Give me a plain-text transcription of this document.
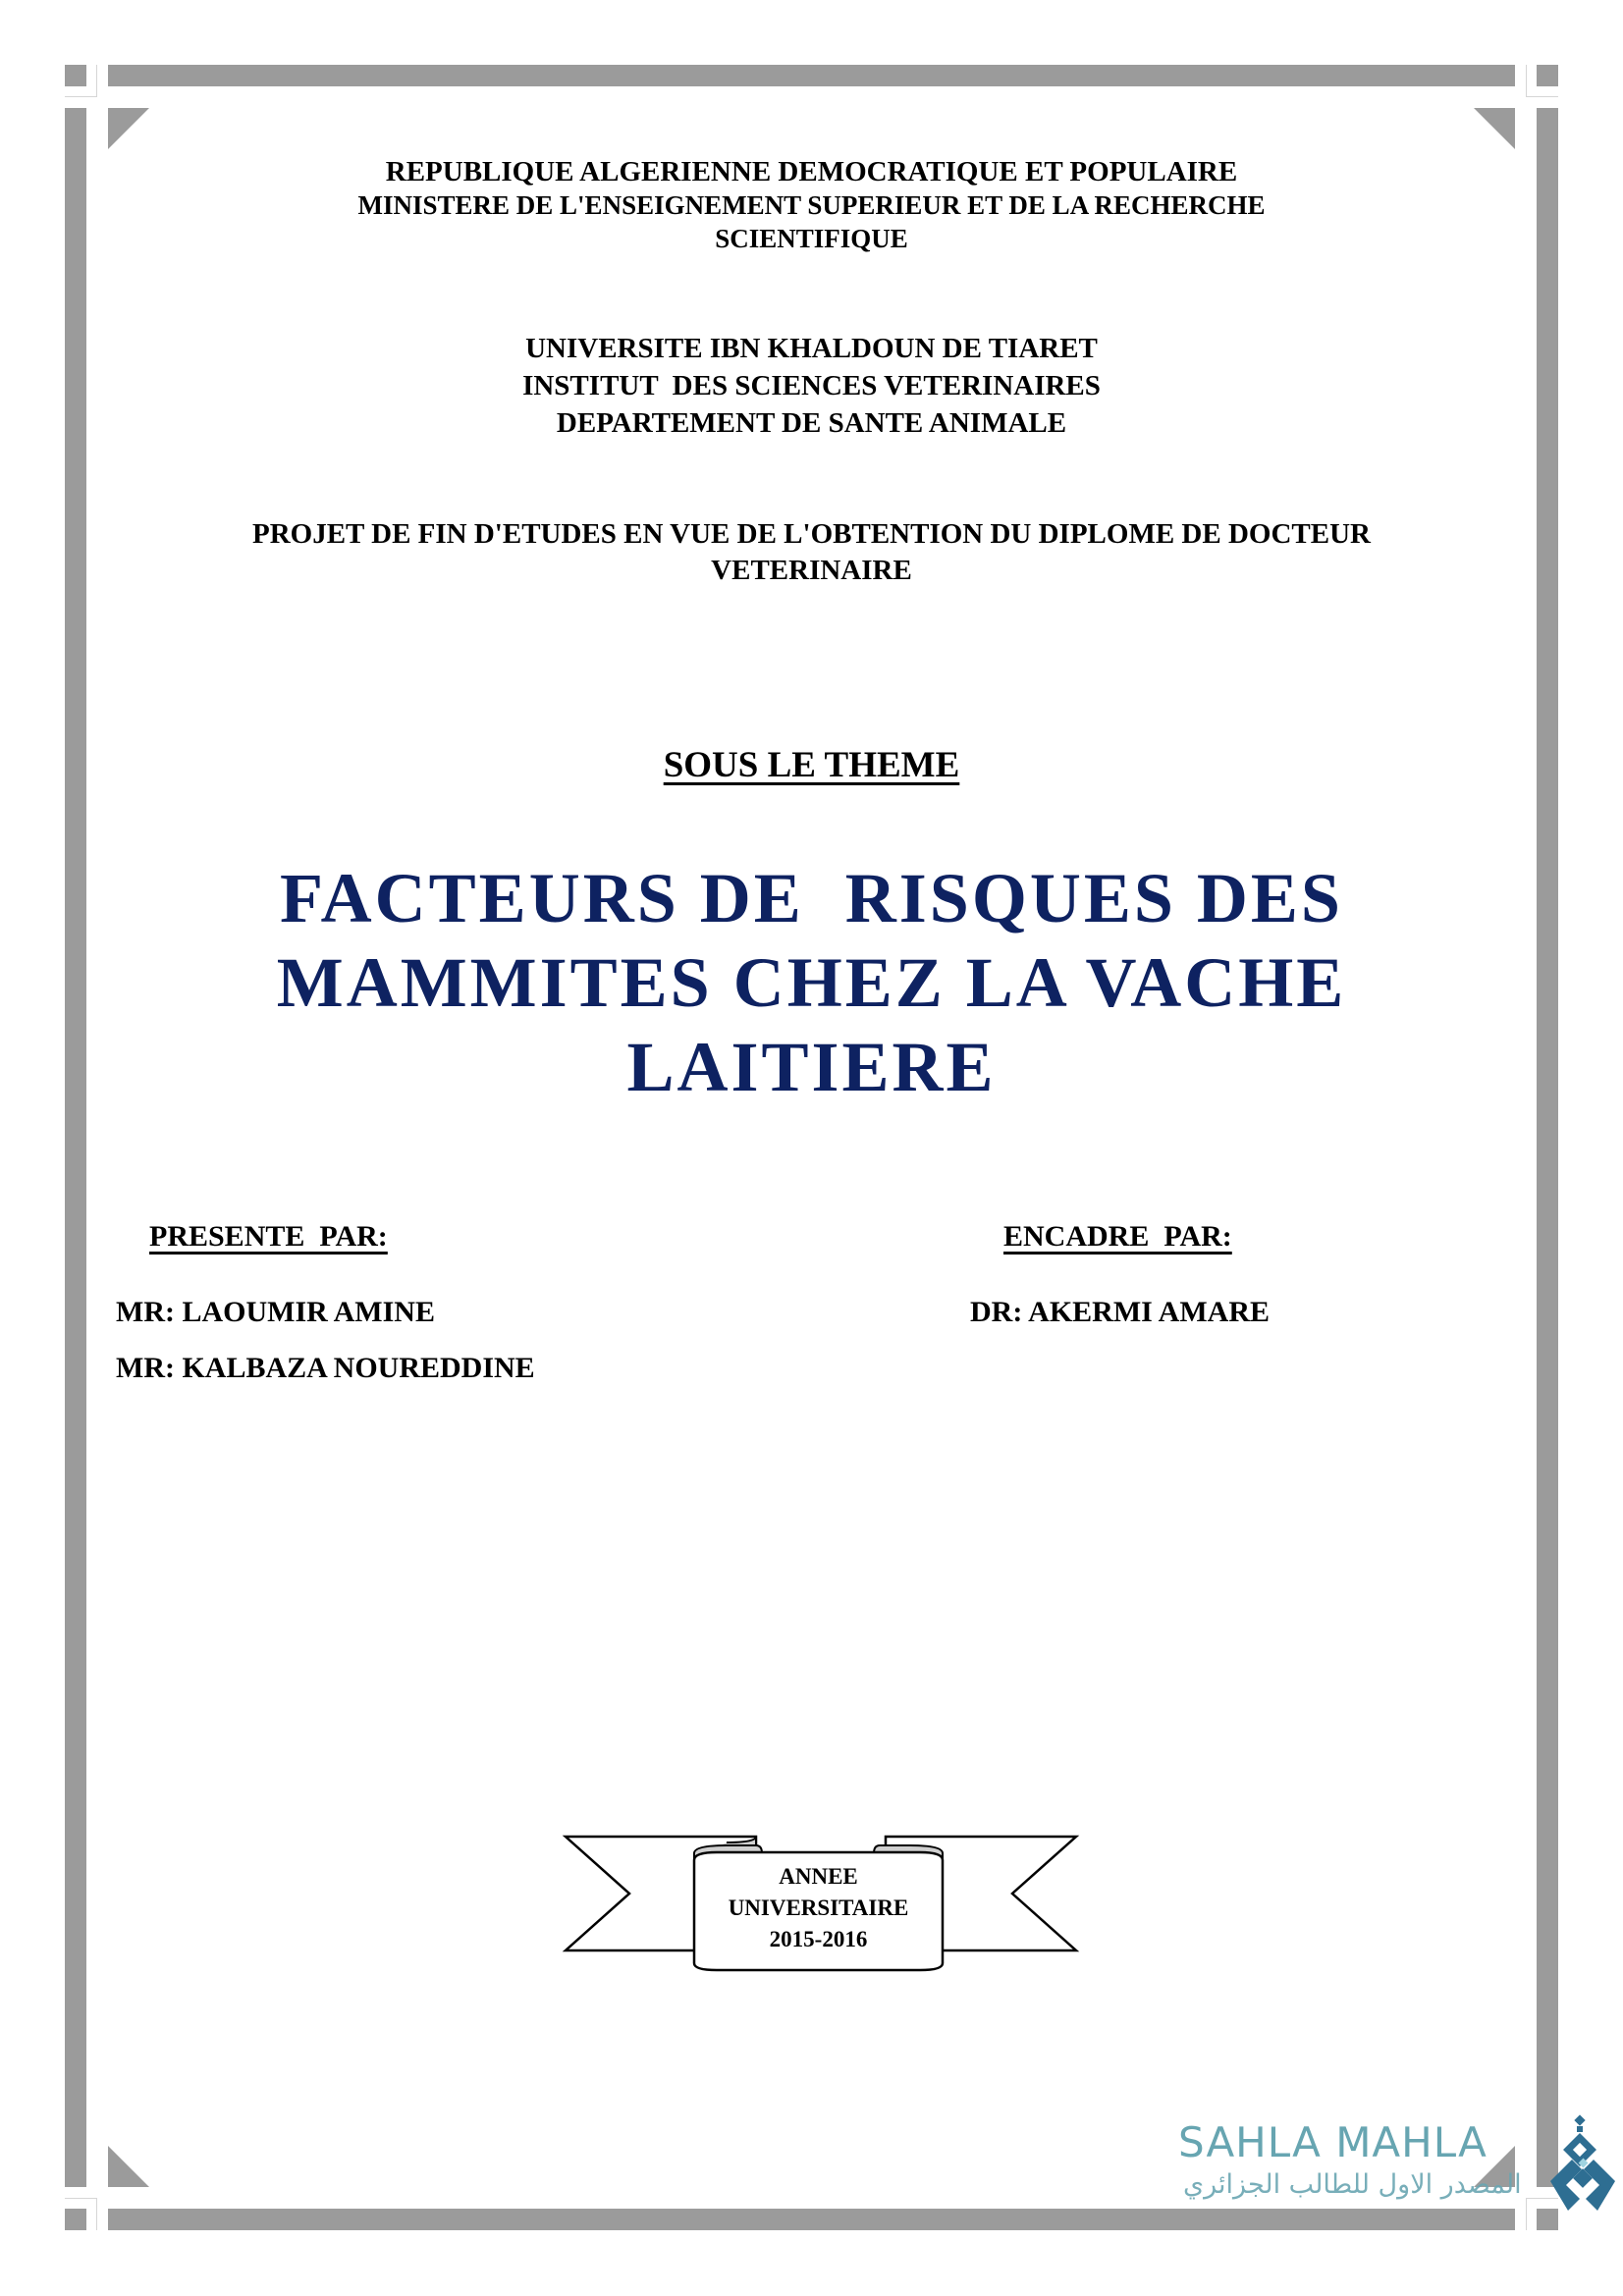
REPUBLIQUE ALGERIENNE DEMOCRATIQUE ET POPULAIRE
MINISTERE DE L'ENSEIGNEMENT SUPERIEUR ET DE LA RECHERCHE
SCIENTIFIQUE
UNIVERSITE IBN KHALDOUN DE TIARET
INSTITUT  DES SCIENCES VETERINAIRES
DEPARTEMENT DE SANTE ANIMALE
PROJET DE FIN D'ETUDES EN VUE DE L'OBTENTION DU DIPLOME DE DOCTEUR
VETERINAIRE
SOUS LE THEME
FACTEURS DE  RISQUES DES
MAMMITES CHEZ LA VACHE
LAITIERE
PRESENTE  PAR:	ENCADRE  PAR:
MR: LAOUMIR AMINE
MR: KALBAZA NOUREDDINE
DR: AKERMI AMARE
ANNEE
UNIVERSITAIRE
2015-2016
SAHLA MAHLA
المصدر الاول للطالب الجزائري
